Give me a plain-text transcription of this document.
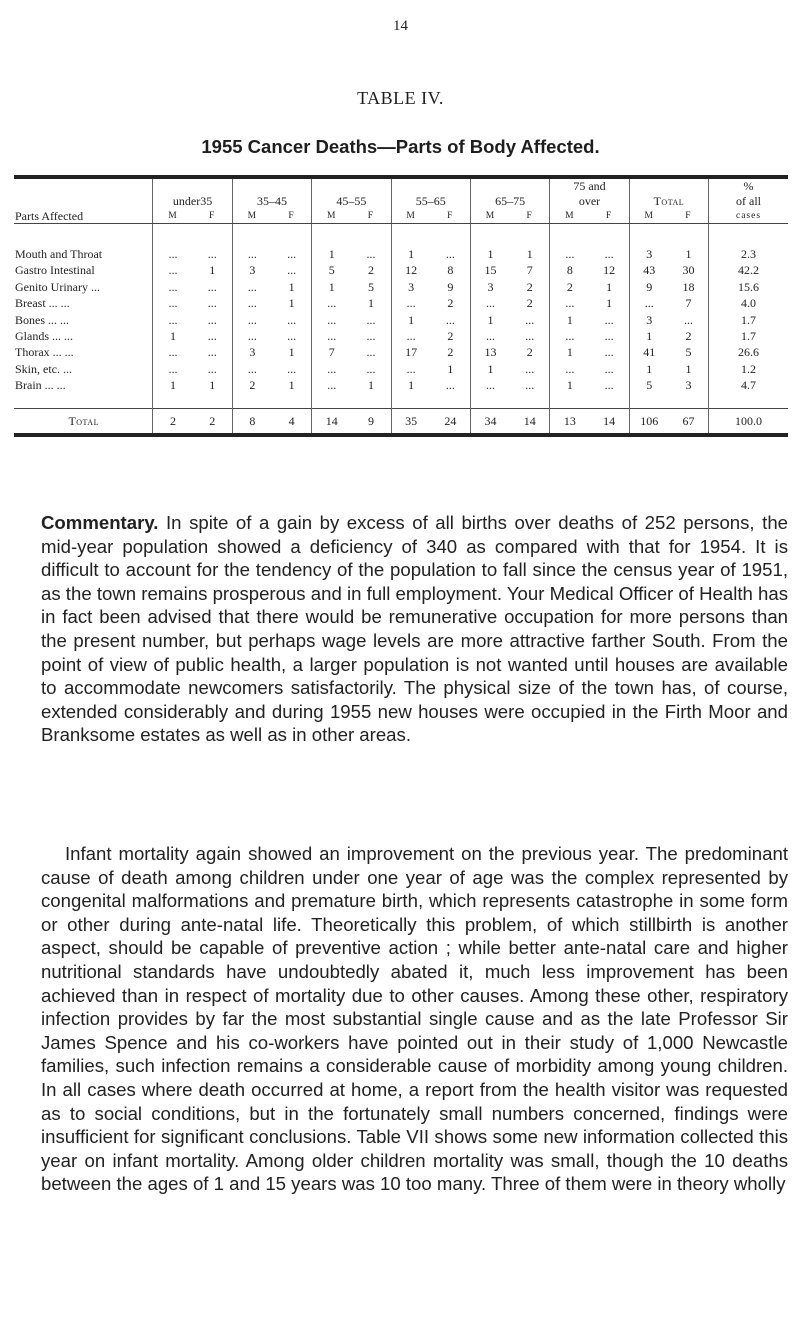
14
TABLE IV.
1955 Cancer Deaths—Parts of Body Affected.
											75 and				%
	under35		35–45		45–55		55–65		65–75		over		Total		of all
Parts Affected	M	F	M	F	M	F	M	F	M	F	M	F	M	F	cases

Mouth and Throat	...	...	...	...	1	...	1	...	1	1	...	...	3	1	2.3
Gastro Intestinal	...	1	3	...	5	2	12	8	15	7	8	12	43	30	42.2
Genito Urinary ...	...	...	...	1	1	5	3	9	3	2	2	1	9	18	15.6
Breast ... ...	...	...	...	1	...	1	...	2	...	2	...	1	...	7	4.0
Bones ... ...	...	...	...	...	...	...	1	...	1	...	1	...	3	...	1.7
Glands ... ...	1	...	...	...	...	...	...	2	...	...	...	...	1	2	1.7
Thorax ... ...	...	...	3	1	7	...	17	2	13	2	1	...	41	5	26.6
Skin, etc. ...	...	...	...	...	...	...	...	1	1	...	...	...	1	1	1.2
Brain ... ...	1	1	2	1	...	1	1	...	...	...	1	...	5	3	4.7

Total	2	2	8	4	14	9	35	24	34	14	13	14	106	67	100.0

Commentary. In spite of a gain by excess of all births over deaths of 252 persons, the mid-year population showed a deficiency of 340 as compared with that for 1954. It is difficult to account for the tendency of the population to fall since the census year of 1951, as the town remains prosperous and in full employment. Your Medical Officer of Health has in fact been advised that there would be remunerative occupation for more persons than the present number, but perhaps wage levels are more attractive farther South. From the point of view of public health, a larger population is not wanted until houses are available to accommodate newcomers satisfactorily. The physical size of the town has, of course, extended considerably and during 1955 new houses were occupied in the Firth Moor and Branksome estates as well as in other areas.

Infant mortality again showed an improvement on the previous year. The predominant cause of death among children under one year of age was the complex represented by congenital malformations and premature birth, which represents catastrophe in some form or other during ante-natal life. Theoretically this problem, of which stillbirth is another aspect, should be capable of preventive action ; while better ante-natal care and higher nutritional standards have undoubtedly abated it, much less improvement has been achieved than in respect of mortality due to other causes. Among these other, respiratory infection provides by far the most substantial single cause and as the late Professor Sir James Spence and his co-workers have pointed out in their study of 1,000 Newcastle families, such infection remains a considerable cause of morbidity among young children. In all cases where death occurred at home, a report from the health visitor was requested as to social conditions, but in the fortunately small numbers concerned, findings were insufficient for significant conclusions. Table VII shows some new information collected this year on infant mortality. Among older children mortality was small, though the 10 deaths between the ages of 1 and 15 years was 10 too many. Three of them were in theory wholly
